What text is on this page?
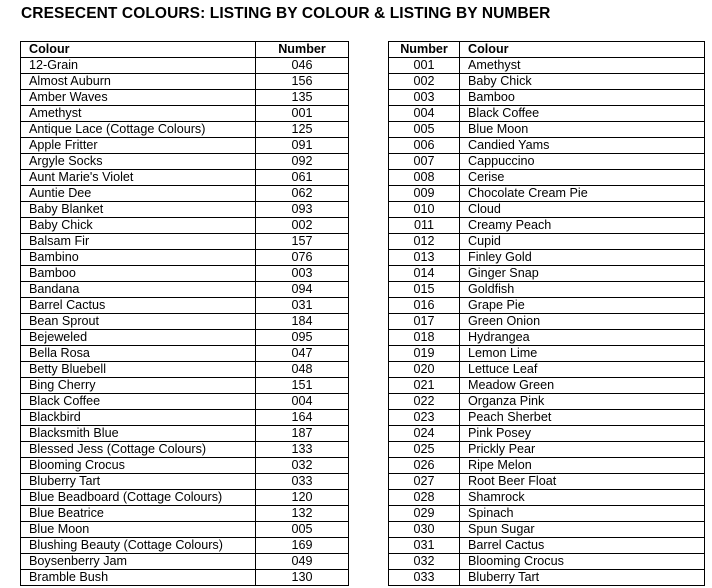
CRESECENT COLOURS: LISTING BY COLOUR & LISTING BY NUMBER
Colour	Number
12-Grain	046
Almost Auburn	156
Amber Waves	135
Amethyst	001
Antique Lace (Cottage Colours)	125
Apple Fritter	091
Argyle Socks	092
Aunt Marie's Violet	061
Auntie Dee	062
Baby Blanket	093
Baby Chick	002
Balsam Fir	157
Bambino	076
Bamboo	003
Bandana	094
Barrel Cactus	031
Bean Sprout	184
Bejeweled	095
Bella Rosa	047
Betty Bluebell	048
Bing Cherry	151
Black Coffee	004
Blackbird	164
Blacksmith Blue	187
Blessed Jess (Cottage Colours)	133
Blooming Crocus	032
Bluberry Tart	033
Blue Beadboard (Cottage Colours)	120
Blue Beatrice	132
Blue Moon	005
Blushing Beauty (Cottage Colours)	169
Boysenberry Jam	049
Bramble Bush	130
Number	Colour
001	Amethyst
002	Baby Chick
003	Bamboo
004	Black Coffee
005	Blue Moon
006	Candied Yams
007	Cappuccino
008	Cerise
009	Chocolate Cream Pie
010	Cloud
011	Creamy Peach
012	Cupid
013	Finley Gold
014	Ginger Snap
015	Goldfish
016	Grape Pie
017	Green Onion
018	Hydrangea
019	Lemon Lime
020	Lettuce Leaf
021	Meadow Green
022	Organza Pink
023	Peach Sherbet
024	Pink Posey
025	Prickly Pear
026	Ripe Melon
027	Root Beer Float
028	Shamrock
029	Spinach
030	Spun Sugar
031	Barrel Cactus
032	Blooming Crocus
033	Bluberry Tart
